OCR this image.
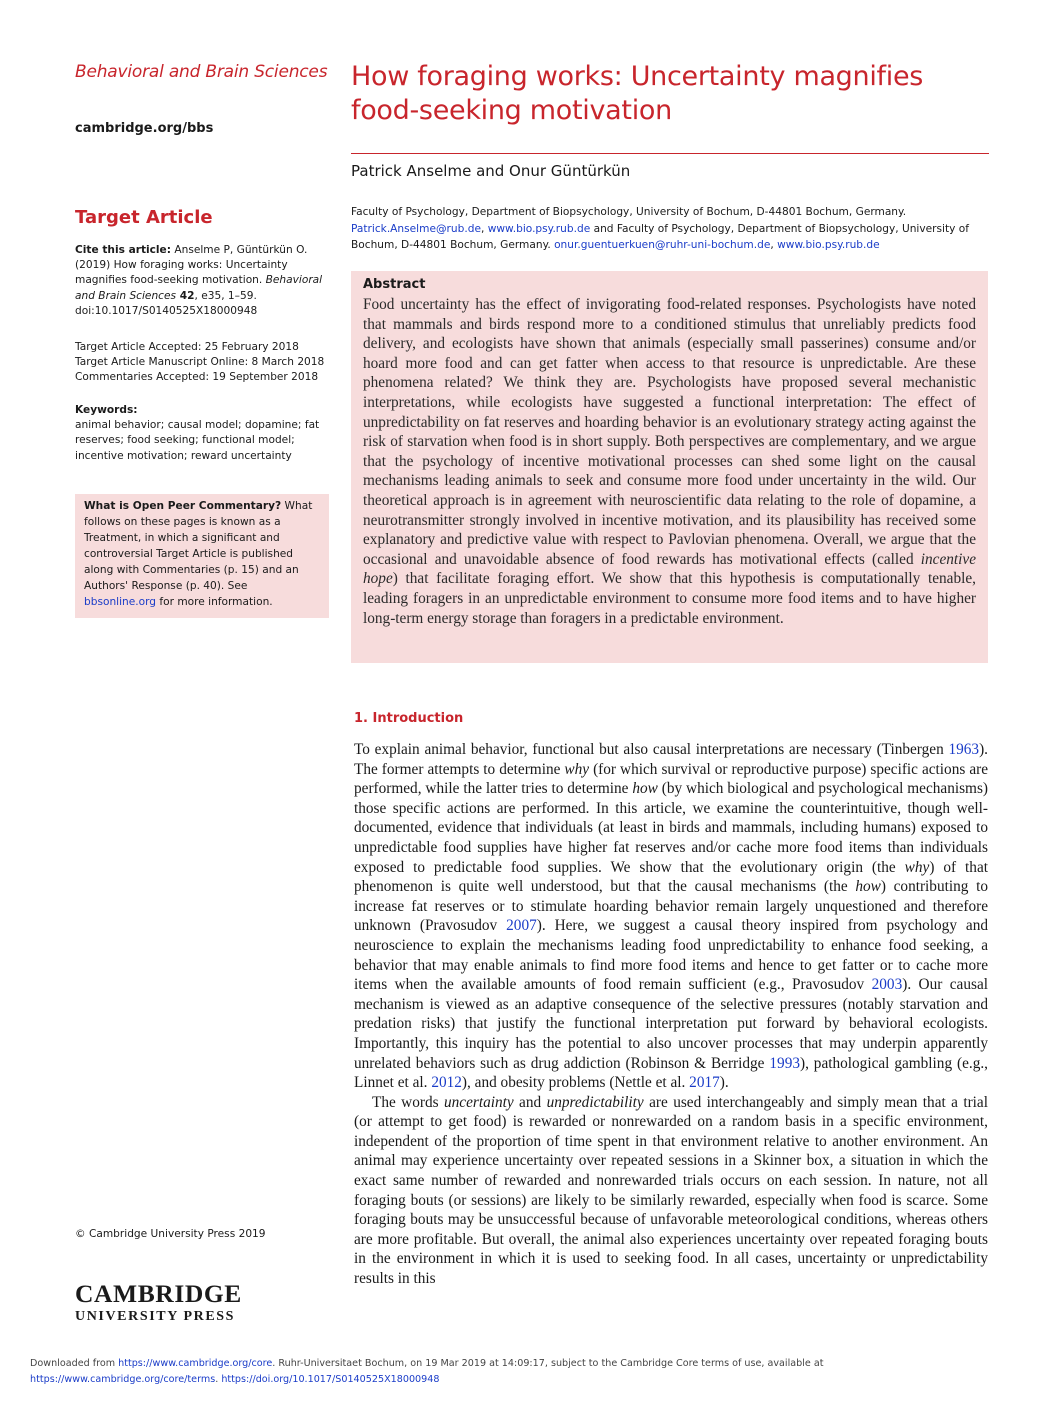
Behavioral and Brain Sciences
cambridge.org/bbs
Target Article
Cite this article: Anselme P, Güntürkün O. (2019) How foraging works: Uncertainty magnifies food-seeking motivation. Behavioral and Brain Sciences 42, e35, 1–59. doi:10.1017/S0140525X18000948
Target Article Accepted: 25 February 2018
Target Article Manuscript Online: 8 March 2018
Commentaries Accepted: 19 September 2018
Keywords:
animal behavior; causal model; dopamine; fat reserves; food seeking; functional model; incentive motivation; reward uncertainty
What is Open Peer Commentary? What follows on these pages is known as a Treatment, in which a significant and controversial Target Article is published along with Commentaries (p. 15) and an Authors' Response (p. 40). See bbsonline.org for more information.
© Cambridge University Press 2019
CAMBRIDGE
UNIVERSITY PRESS
How foraging works: Uncertainty magnifies food-seeking motivation
Patrick Anselme and Onur Güntürkün
Faculty of Psychology, Department of Biopsychology, University of Bochum, D-44801 Bochum, Germany.
Patrick.Anselme@rub.de, www.bio.psy.rub.de and Faculty of Psychology, Department of Biopsychology, University of Bochum, D-44801 Bochum, Germany. onur.guentuerkuen@ruhr-uni-bochum.de, www.bio.psy.rub.de
Abstract
Food uncertainty has the effect of invigorating food-related responses. Psychologists have noted that mammals and birds respond more to a conditioned stimulus that unreliably predicts food delivery, and ecologists have shown that animals (especially small passerines) consume and/or hoard more food and can get fatter when access to that resource is unpredictable. Are these phenomena related? We think they are. Psychologists have proposed several mechanistic interpretations, while ecologists have suggested a functional interpretation: The effect of unpredictability on fat reserves and hoarding behavior is an evolutionary strategy acting against the risk of starvation when food is in short supply. Both perspectives are complementary, and we argue that the psychology of incentive motivational processes can shed some light on the causal mechanisms leading animals to seek and consume more food under uncertainty in the wild. Our theoretical approach is in agreement with neuroscientific data relating to the role of dopamine, a neurotransmitter strongly involved in incentive motivation, and its plausibility has received some explanatory and predictive value with respect to Pavlovian phenomena. Overall, we argue that the occasional and unavoidable absence of food rewards has motivational effects (called incentive hope) that facilitate foraging effort. We show that this hypothesis is computationally tenable, leading foragers in an unpredictable environment to consume more food items and to have higher long-term energy storage than foragers in a predictable environment.
1. Introduction

To explain animal behavior, functional but also causal interpretations are necessary (Tinbergen 1963). The former attempts to determine why (for which survival or reproductive purpose) specific actions are performed, while the latter tries to determine how (by which biological and psychological mechanisms) those specific actions are performed. In this article, we examine the counterintuitive, though well-documented, evidence that individuals (at least in birds and mammals, including humans) exposed to unpredictable food supplies have higher fat reserves and/or cache more food items than individuals exposed to predictable food supplies. We show that the evolutionary origin (the why) of that phenomenon is quite well understood, but that the causal mechanisms (the how) contributing to increase fat reserves or to stimulate hoarding behavior remain largely unquestioned and therefore unknown (Pravosudov 2007). Here, we suggest a causal theory inspired from psychology and neuroscience to explain the mechanisms leading food unpredictability to enhance food seeking, a behavior that may enable animals to find more food items and hence to get fatter or to cache more items when the available amounts of food remain sufficient (e.g., Pravosudov 2003). Our causal mechanism is viewed as an adaptive consequence of the selective pressures (notably starvation and predation risks) that justify the functional interpretation put forward by behavioral ecologists. Importantly, this inquiry has the potential to also uncover processes that may underpin apparently unrelated behaviors such as drug addiction (Robinson & Berridge 1993), pathological gambling (e.g., Linnet et al. 2012), and obesity problems (Nettle et al. 2017).

The words uncertainty and unpredictability are used interchangeably and simply mean that a trial (or attempt to get food) is rewarded or nonrewarded on a random basis in a specific environment, independent of the proportion of time spent in that environment relative to another environment. An animal may experience uncertainty over repeated sessions in a Skinner box, a situation in which the exact same number of rewarded and nonrewarded trials occurs on each session. In nature, not all foraging bouts (or sessions) are likely to be similarly rewarded, especially when food is scarce. Some foraging bouts may be unsuccessful because of unfavorable meteorological conditions, whereas others are more profitable. But overall, the animal also experiences uncertainty over repeated foraging bouts in the environment in which it is used to seeking food. In all cases, uncertainty or unpredictability results in this

Downloaded from https://www.cambridge.org/core. Ruhr-Universitaet Bochum, on 19 Mar 2019 at 14:09:17, subject to the Cambridge Core terms of use, available at
https://www.cambridge.org/core/terms. https://doi.org/10.1017/S0140525X18000948
